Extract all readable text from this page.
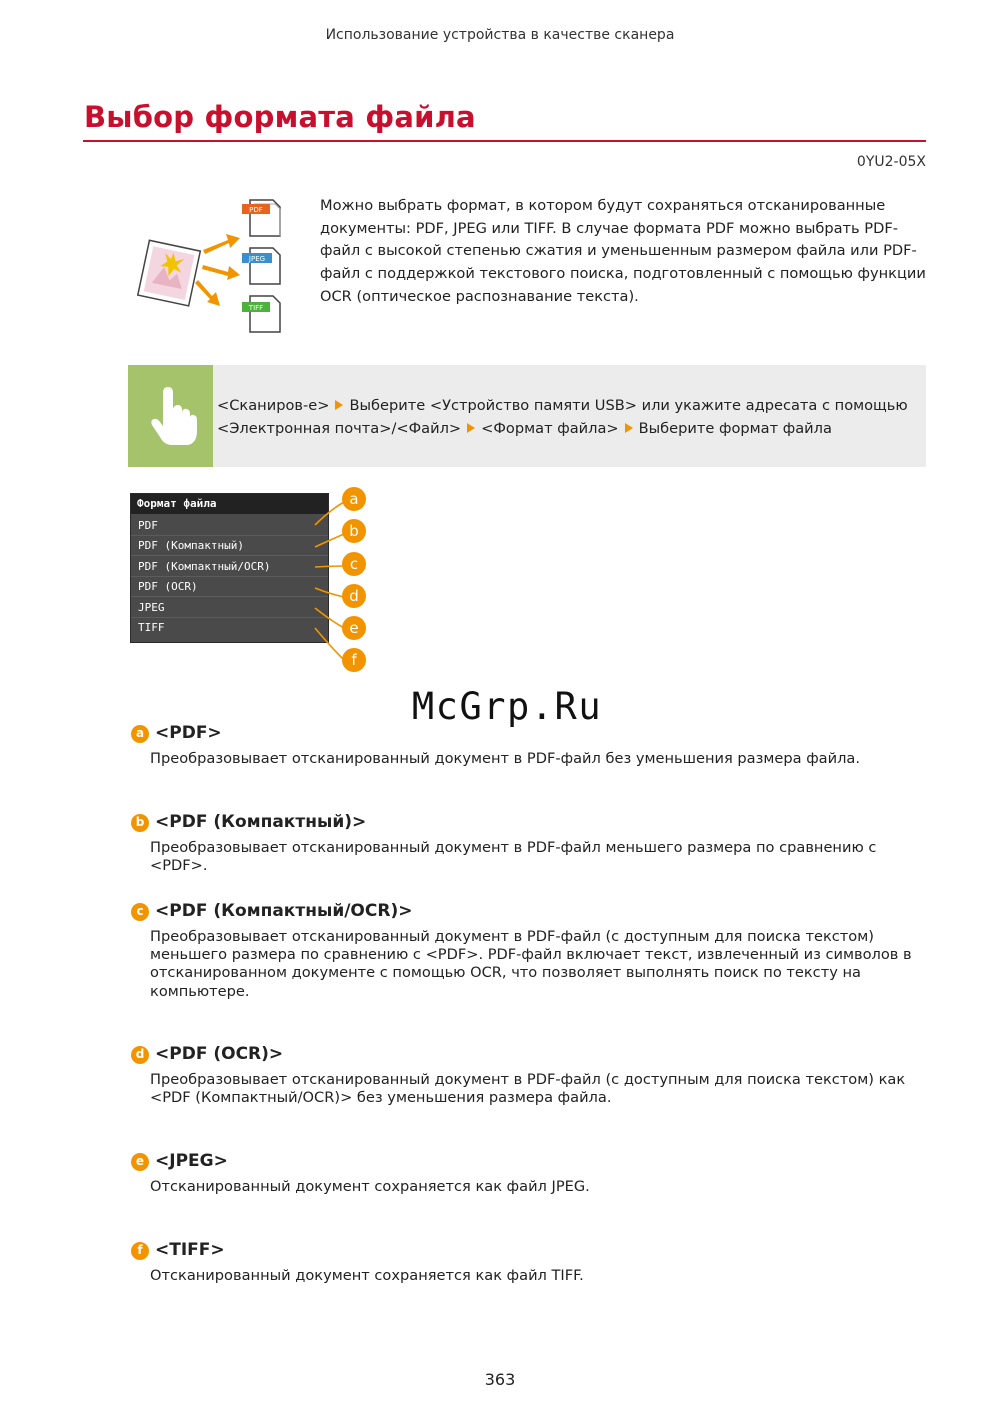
Использование устройства в качестве сканера
Выбор формата файла
0YU2-05X
PDF
JPEG
TIFF
Можно выбрать формат, в котором будут сохраняться отсканированные документы: PDF, JPEG или TIFF. В случае формата PDF можно выбрать PDF-файл с высокой степенью сжатия и уменьшенным размером файла или PDF-файл с поддержкой текстового поиска, подготовленный с помощью функции OCR (оптическое распознавание текста).
<Сканиров-е> Выберите <Устройство памяти USB> или укажите адресата с помощью <Электронная почта>/<Файл> <Формат файла> Выберите формат файла
Формат файла
PDF
PDF (Компактный)
PDF (Компактный/OCR)
PDF (OCR)
JPEG
TIFF
a
b
c
d
e
f
McGrp.Ru
a <PDF>
Преобразовывает отсканированный документ в PDF-файл без уменьшения размера файла.
b <PDF (Компактный)>
Преобразовывает отсканированный документ в PDF-файл меньшего размера по сравнению с <PDF>.
c <PDF (Компактный/OCR)>
Преобразовывает отсканированный документ в PDF-файл (с доступным для поиска текстом) меньшего размера по сравнению с <PDF>. PDF-файл включает текст, извлеченный из символов в отсканированном документе с помощью OCR, что позволяет выполнять поиск по тексту на компьютере.
d <PDF (OCR)>
Преобразовывает отсканированный документ в PDF-файл (с доступным для поиска текстом) как <PDF (Компактный/OCR)> без уменьшения размера файла.
e <JPEG>
Отсканированный документ сохраняется как файл JPEG.
f <TIFF>
Отсканированный документ сохраняется как файл TIFF.
363
